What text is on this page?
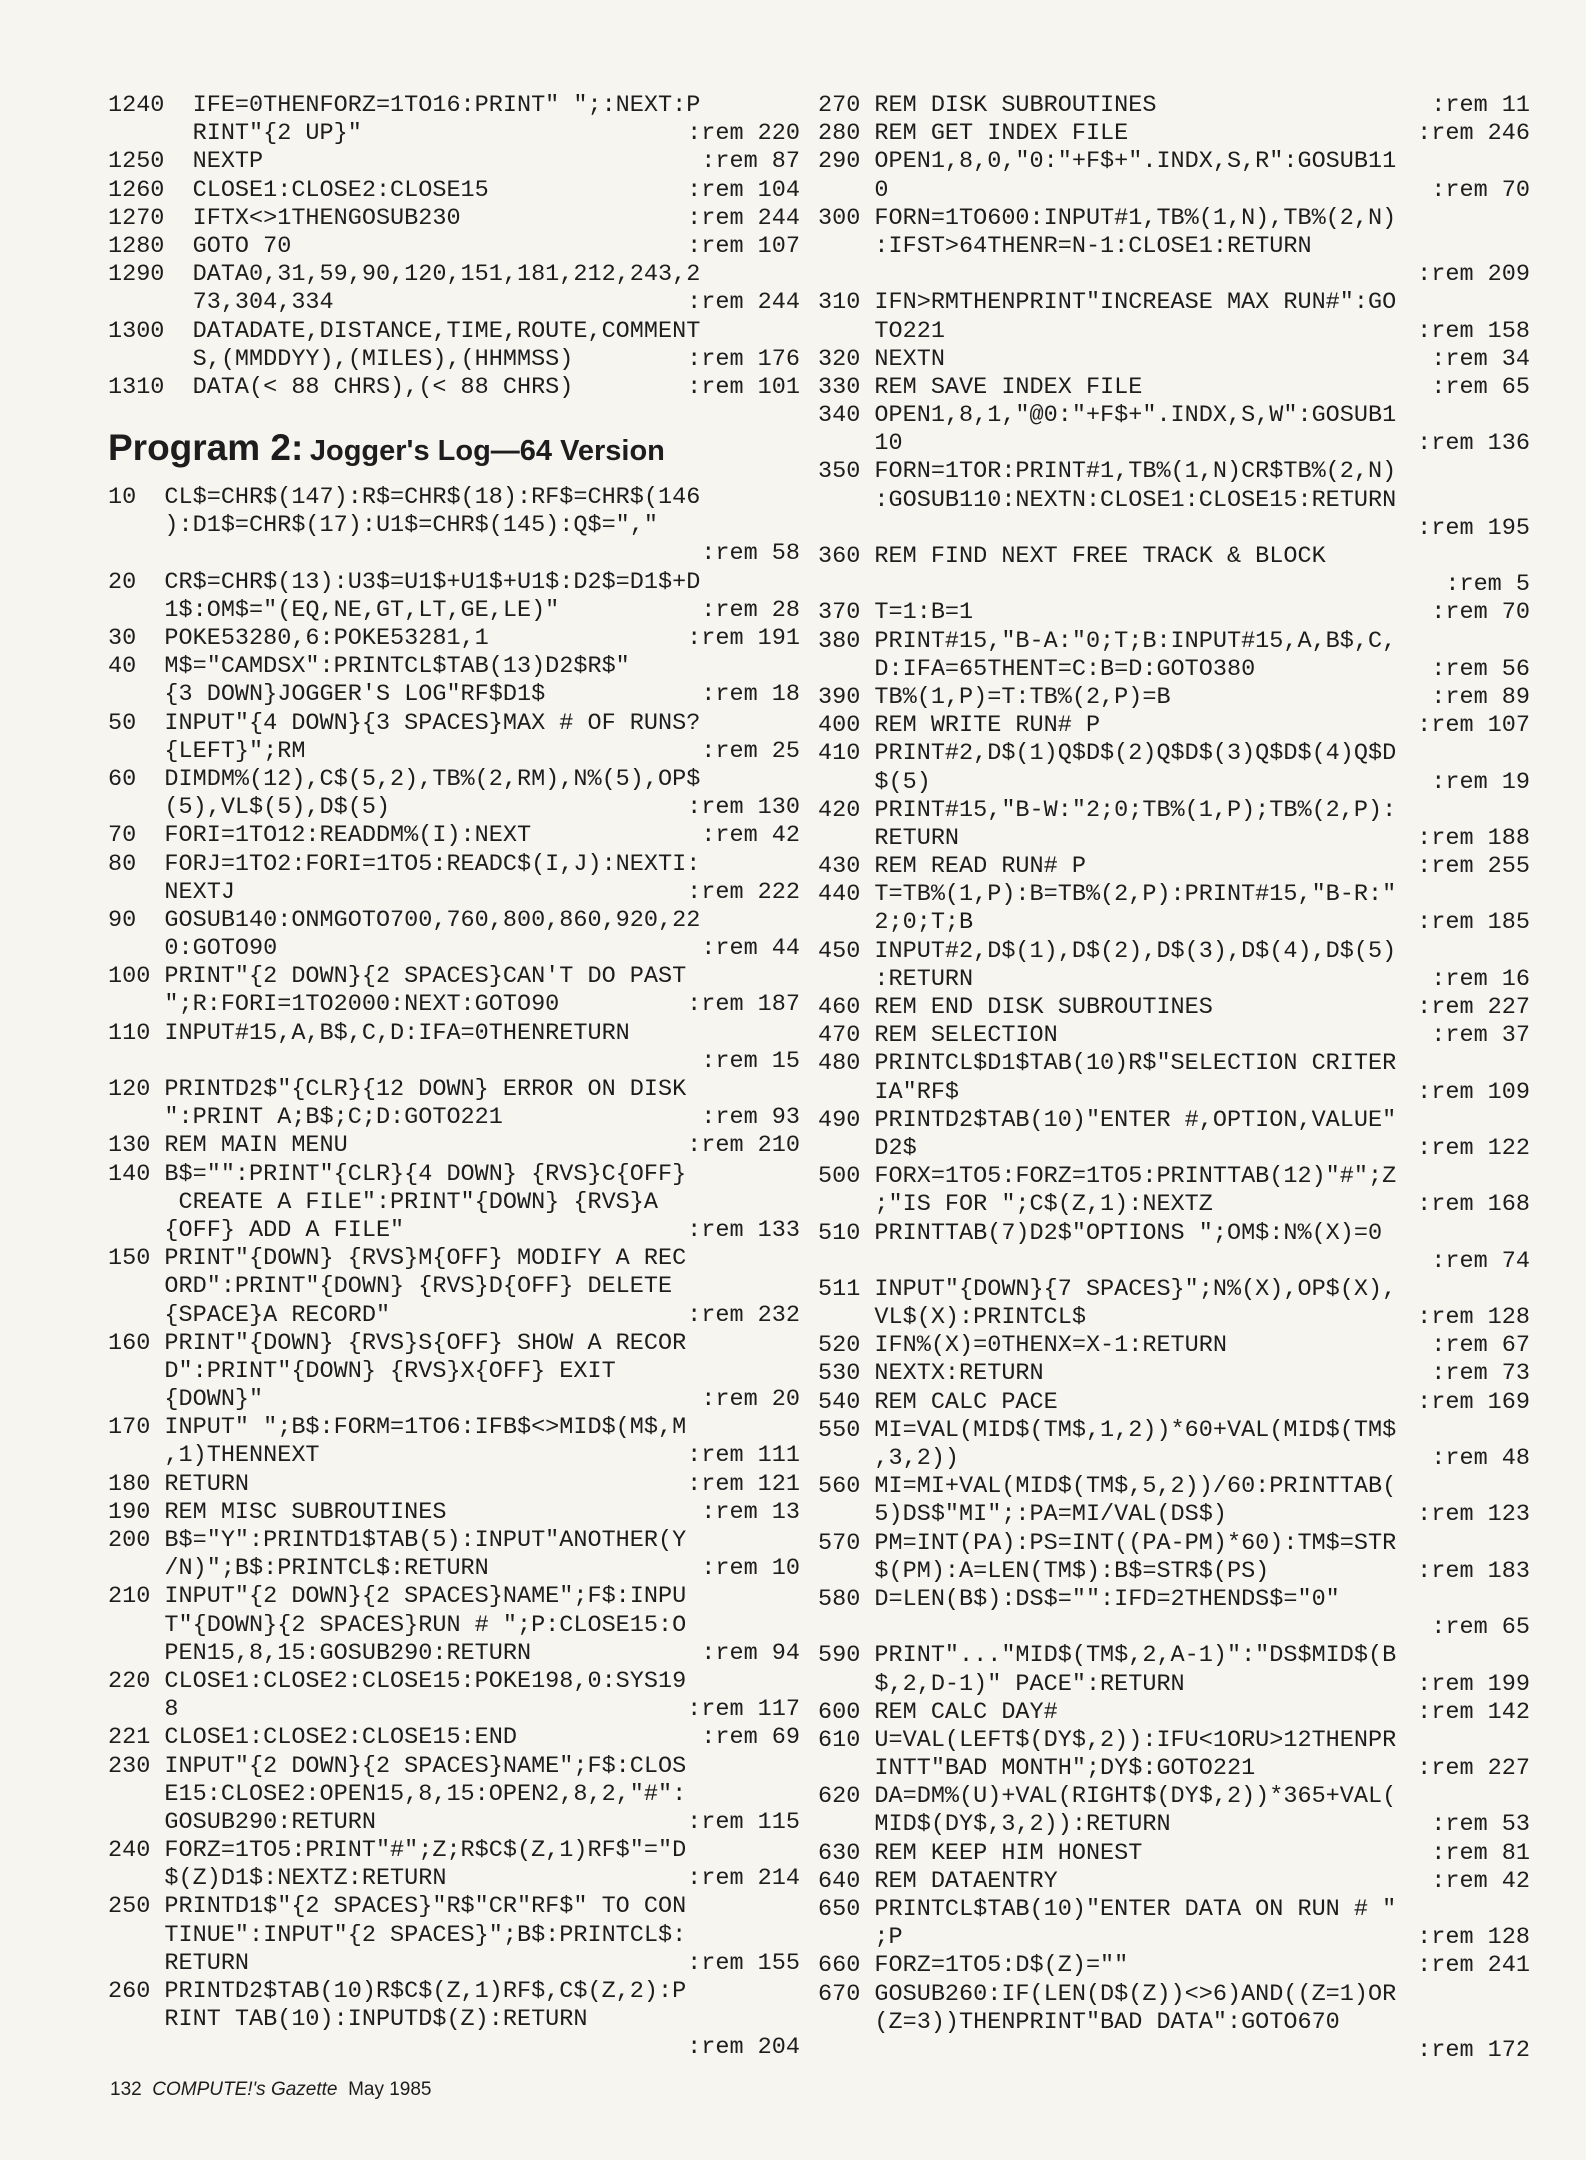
1240  IFE=0THENFORZ=1TO16:PRINT" ";:NEXT:P
RINT"{2 UP}"	:rem 220
1250  NEXTP	:rem 87
1260  CLOSE1:CLOSE2:CLOSE15	:rem 104
1270  IFTX<>1THENGOSUB230	:rem 244
1280  GOTO 70	:rem 107
1290  DATA0,31,59,90,120,151,181,212,243,2
73,304,334	:rem 244
1300  DATADATE,DISTANCE,TIME,ROUTE,COMMENT
S,(MMDDYY),(MILES),(HHMMSS)	:rem 176
1310  DATA(< 88 CHRS),(< 88 CHRS)	:rem 101
Program 2: Jogger's Log—64 Version
10  CL$=CHR$(147):R$=CHR$(18):RF$=CHR$(146
):D1$=CHR$(17):U1$=CHR$(145):Q$=","
:rem 58
20  CR$=CHR$(13):U3$=U1$+U1$+U1$:D2$=D1$+D
1$:OM$="(EQ,NE,GT,LT,GE,LE)"	:rem 28
30  POKE53280,6:POKE53281,1	:rem 191
40  M$="CAMDSX":PRINTCL$TAB(13)D2$R$"
{3 DOWN}JOGGER'S LOG"RF$D1$	:rem 18
50  INPUT"{4 DOWN}{3 SPACES}MAX # OF RUNS?
{LEFT}";RM	:rem 25
60  DIMDM%(12),C$(5,2),TB%(2,RM),N%(5),OP$
(5),VL$(5),D$(5)	:rem 130
70  FORI=1TO12:READDM%(I):NEXT	:rem 42
80  FORJ=1TO2:FORI=1TO5:READC$(I,J):NEXTI:
NEXTJ	:rem 222
90  GOSUB140:ONMGOTO700,760,800,860,920,22
0:GOTO90	:rem 44
100 PRINT"{2 DOWN}{2 SPACES}CAN'T DO PAST
";R:FORI=1TO2000:NEXT:GOTO90	:rem 187
110 INPUT#15,A,B$,C,D:IFA=0THENRETURN
:rem 15
120 PRINTD2$"{CLR}{12 DOWN} ERROR ON DISK
":PRINT A;B$;C;D:GOTO221	:rem 93
130 REM MAIN MENU	:rem 210
140 B$="":PRINT"{CLR}{4 DOWN} {RVS}C{OFF}
CREATE A FILE":PRINT"{DOWN} {RVS}A
{OFF} ADD A FILE"	:rem 133
150 PRINT"{DOWN} {RVS}M{OFF} MODIFY A REC
ORD":PRINT"{DOWN} {RVS}D{OFF} DELETE
{SPACE}A RECORD"	:rem 232
160 PRINT"{DOWN} {RVS}S{OFF} SHOW A RECOR
D":PRINT"{DOWN} {RVS}X{OFF} EXIT
{DOWN}"	:rem 20
170 INPUT" ";B$:FORM=1TO6:IFB$<>MID$(M$,M
,1)THENNEXT	:rem 111
180 RETURN	:rem 121
190 REM MISC SUBROUTINES	:rem 13
200 B$="Y":PRINTD1$TAB(5):INPUT"ANOTHER(Y
/N)";B$:PRINTCL$:RETURN	:rem 10
210 INPUT"{2 DOWN}{2 SPACES}NAME";F$:INPU
T"{DOWN}{2 SPACES}RUN # ";P:CLOSE15:O
PEN15,8,15:GOSUB290:RETURN	:rem 94
220 CLOSE1:CLOSE2:CLOSE15:POKE198,0:SYS19
8	:rem 117
221 CLOSE1:CLOSE2:CLOSE15:END	:rem 69
230 INPUT"{2 DOWN}{2 SPACES}NAME";F$:CLOS
E15:CLOSE2:OPEN15,8,15:OPEN2,8,2,"#":
GOSUB290:RETURN	:rem 115
240 FORZ=1TO5:PRINT"#";Z;R$C$(Z,1)RF$"="D
$(Z)D1$:NEXTZ:RETURN	:rem 214
250 PRINTD1$"{2 SPACES}"R$"CR"RF$" TO CON
TINUE":INPUT"{2 SPACES}";B$:PRINTCL$:
RETURN	:rem 155
260 PRINTD2$TAB(10)R$C$(Z,1)RF$,C$(Z,2):P
RINT TAB(10):INPUTD$(Z):RETURN
:rem 204
270 REM DISK SUBROUTINES	:rem 11
280 REM GET INDEX FILE	:rem 246
290 OPEN1,8,0,"0:"+F$+".INDX,S,R":GOSUB11
0	:rem 70
300 FORN=1TO600:INPUT#1,TB%(1,N),TB%(2,N)
:IFST>64THENR=N-1:CLOSE1:RETURN
:rem 209
310 IFN>RMTHENPRINT"INCREASE MAX RUN#":GO
TO221	:rem 158
320 NEXTN	:rem 34
330 REM SAVE INDEX FILE	:rem 65
340 OPEN1,8,1,"@0:"+F$+".INDX,S,W":GOSUB1
10	:rem 136
350 FORN=1TOR:PRINT#1,TB%(1,N)CR$TB%(2,N)
:GOSUB110:NEXTN:CLOSE1:CLOSE15:RETURN
:rem 195
360 REM FIND NEXT FREE TRACK & BLOCK
:rem 5
370 T=1:B=1	:rem 70
380 PRINT#15,"B-A:"0;T;B:INPUT#15,A,B$,C,
D:IFA=65THENT=C:B=D:GOTO380	:rem 56
390 TB%(1,P)=T:TB%(2,P)=B	:rem 89
400 REM WRITE RUN# P	:rem 107
410 PRINT#2,D$(1)Q$D$(2)Q$D$(3)Q$D$(4)Q$D
$(5)	:rem 19
420 PRINT#15,"B-W:"2;0;TB%(1,P);TB%(2,P):
RETURN	:rem 188
430 REM READ RUN# P	:rem 255
440 T=TB%(1,P):B=TB%(2,P):PRINT#15,"B-R:"
2;0;T;B	:rem 185
450 INPUT#2,D$(1),D$(2),D$(3),D$(4),D$(5)
:RETURN	:rem 16
460 REM END DISK SUBROUTINES	:rem 227
470 REM SELECTION	:rem 37
480 PRINTCL$D1$TAB(10)R$"SELECTION CRITER
IA"RF$	:rem 109
490 PRINTD2$TAB(10)"ENTER #,OPTION,VALUE"
D2$	:rem 122
500 FORX=1TO5:FORZ=1TO5:PRINTTAB(12)"#";Z
;"IS FOR ";C$(Z,1):NEXTZ	:rem 168
510 PRINTTAB(7)D2$"OPTIONS ";OM$:N%(X)=0
:rem 74
511 INPUT"{DOWN}{7 SPACES}";N%(X),OP$(X),
VL$(X):PRINTCL$	:rem 128
520 IFN%(X)=0THENX=X-1:RETURN	:rem 67
530 NEXTX:RETURN	:rem 73
540 REM CALC PACE	:rem 169
550 MI=VAL(MID$(TM$,1,2))*60+VAL(MID$(TM$
,3,2))	:rem 48
560 MI=MI+VAL(MID$(TM$,5,2))/60:PRINTTAB(
5)DS$"MI";:PA=MI/VAL(DS$)	:rem 123
570 PM=INT(PA):PS=INT((PA-PM)*60):TM$=STR
$(PM):A=LEN(TM$):B$=STR$(PS)	:rem 183
580 D=LEN(B$):DS$="":IFD=2THENDS$="0"
:rem 65
590 PRINT"..."MID$(TM$,2,A-1)":"DS$MID$(B
$,2,D-1)" PACE":RETURN	:rem 199
600 REM CALC DAY#	:rem 142
610 U=VAL(LEFT$(DY$,2)):IFU<1ORU>12THENPR
INTT"BAD MONTH";DY$:GOTO221	:rem 227
620 DA=DM%(U)+VAL(RIGHT$(DY$,2))*365+VAL(
MID$(DY$,3,2)):RETURN	:rem 53
630 REM KEEP HIM HONEST	:rem 81
640 REM DATAENTRY	:rem 42
650 PRINTCL$TAB(10)"ENTER DATA ON RUN # "
;P	:rem 128
660 FORZ=1TO5:D$(Z)=""	:rem 241
670 GOSUB260:IF(LEN(D$(Z))<>6)AND((Z=1)OR
(Z=3))THENPRINT"BAD DATA":GOTO670
:rem 172
132 COMPUTE!'s Gazette May 1985
